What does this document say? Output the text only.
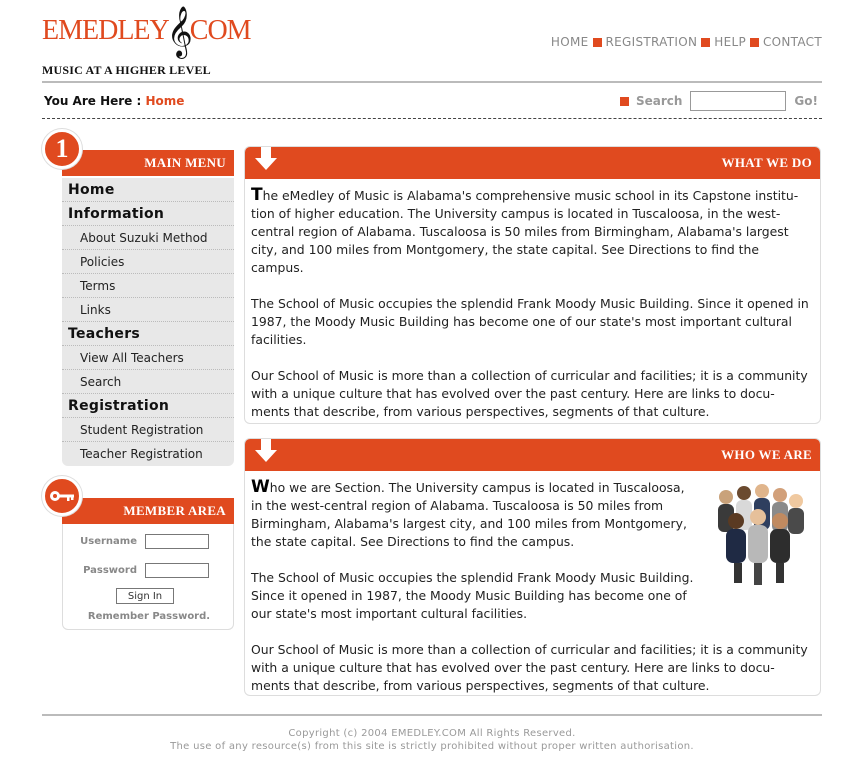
EMEDLEY
𝄞
COM
MUSIC AT A HIGHER LEVEL
HOME REGISTRATION HELP CONTACT
You Are Here : Home	Search	Go!
MAIN MENU
1
Home
Information
About Suzuki Method
Policies
Terms
Links
Teachers
View All Teachers
Search
Registration
Student Registration
Teacher Registration
MEMBER AREA
Username
Password
Sign In
Remember Password.
WHAT WE DO

The eMedley of Music is Alabama's comprehensive music school in its Capstone institu-tion of higher education. The University campus is located in Tuscaloosa, in the west-central region of Alabama. Tuscaloosa is 50 miles from Birmingham, Alabama's largest city, and 100 miles from Montgomery, the state capital. See Directions to find the campus.

The School of Music occupies the splendid Frank Moody Music Building. Since it opened in 1987, the Moody Music Building has become one of our state's most important cultural facilities.

Our School of Music is more than a collection of curricular and facilities; it is a community with a unique culture that has evolved over the past century. Here are links to docu-ments that describe, from various perspectives, segments of that culture.

WHO WE ARE

Who we are Section. The University campus is located in Tuscaloosa, in the west-central region of Alabama. Tuscaloosa is 50 miles from Birmingham, Alabama's largest city, and 100 miles from Montgomery, the state capital. See Directions to find the campus.

The School of Music occupies the splendid Frank Moody Music Building. Since it opened in 1987, the Moody Music Building has become one of our state's most important cultural facilities.

Our School of Music is more than a collection of curricular and facilities; it is a community with a unique culture that has evolved over the past century. Here are links to docu-ments that describe, from various perspectives, segments of that culture.

Copyright (c) 2004 EMEDLEY.COM All Rights Reserved.
The use of any resource(s) from this site is strictly prohibited without proper written authorisation.
